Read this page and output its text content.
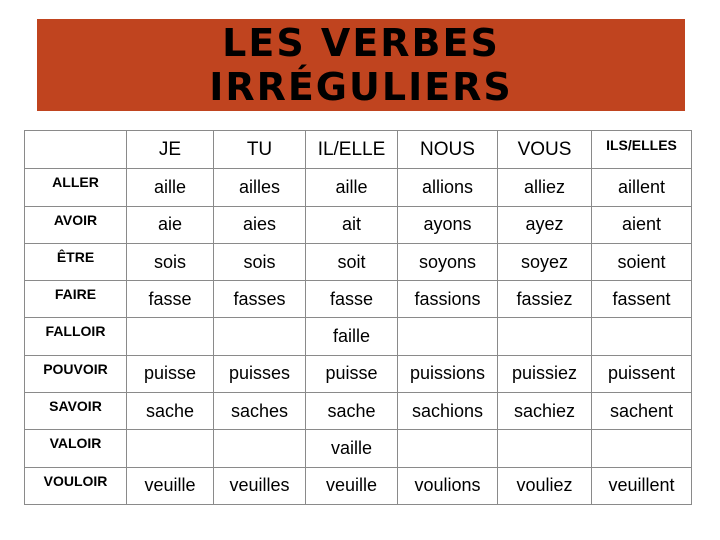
LES VERBES
IRRÉGULIERS
	JE	TU	IL/ELLE	NOUS	VOUS	ILS/ELLES
ALLER	aille	ailles	aille	allions	alliez	aillent
AVOIR	aie	aies	ait	ayons	ayez	aient
ÊTRE	sois	sois	soit	soyons	soyez	soient
FAIRE	fasse	fasses	fasse	fassions	fassiez	fassent
FALLOIR			faille			
POUVOIR	puisse	puisses	puisse	puissions	puissiez	puissent
SAVOIR	sache	saches	sache	sachions	sachiez	sachent
VALOIR			vaille			
VOULOIR	veuille	veuilles	veuille	voulions	vouliez	veuillent
